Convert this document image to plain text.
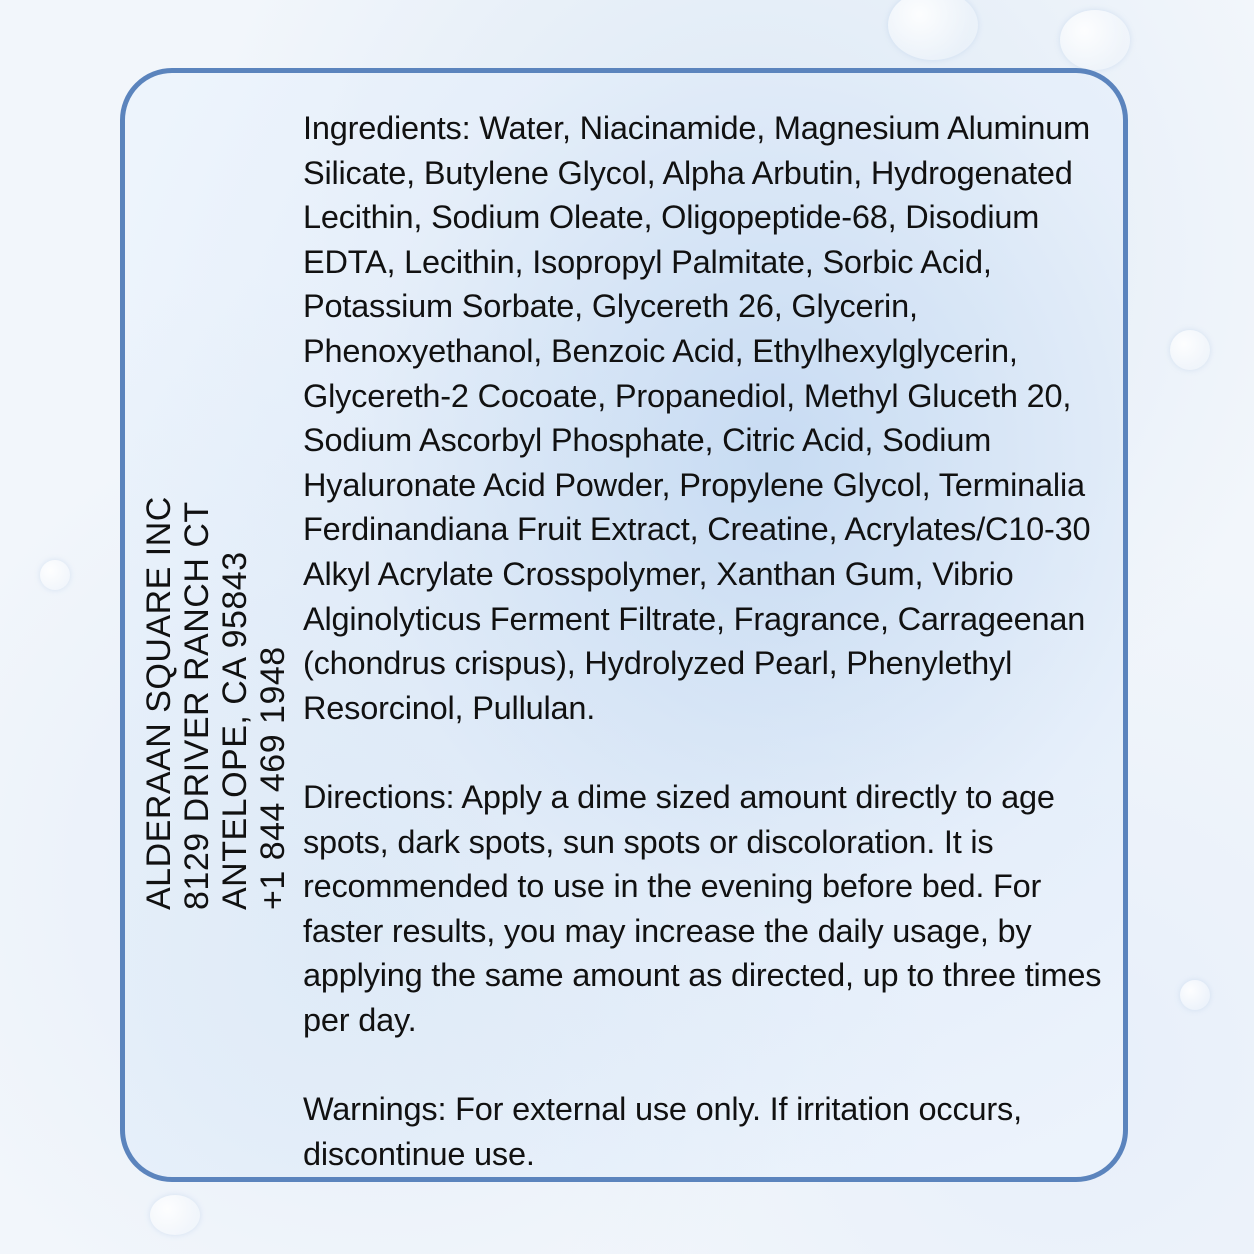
ALDERAAN SQUARE INC 8129 DRIVER RANCH CT ANTELOPE, CA 95843 +1 844 469 1948

Ingredients: Water, Niacinamide, Magnesium Aluminum
Silicate, Butylene Glycol, Alpha Arbutin, Hydrogenated
Lecithin, Sodium Oleate, Oligopeptide-68, Disodium
EDTA, Lecithin, Isopropyl Palmitate, Sorbic Acid,
Potassium Sorbate, Glycereth 26, Glycerin,
Phenoxyethanol, Benzoic Acid, Ethylhexylglycerin,
Glycereth-2 Cocoate, Propanediol, Methyl Gluceth 20,
Sodium Ascorbyl Phosphate, Citric Acid, Sodium
Hyaluronate Acid Powder, Propylene Glycol, Terminalia
Ferdinandiana Fruit Extract, Creatine, Acrylates/C10-30
Alkyl Acrylate Crosspolymer, Xanthan Gum, Vibrio
Alginolyticus Ferment Filtrate, Fragrance, Carrageenan
(chondrus crispus), Hydrolyzed Pearl, Phenylethyl
Resorcinol, Pullulan.

Directions: Apply a dime sized amount directly to age
spots, dark spots, sun spots or discoloration. It is
recommended to use in the evening before bed. For
faster results, you may increase the daily usage, by
applying the same amount as directed, up to three times
per day.

Warnings: For external use only. If irritation occurs,
discontinue use.
